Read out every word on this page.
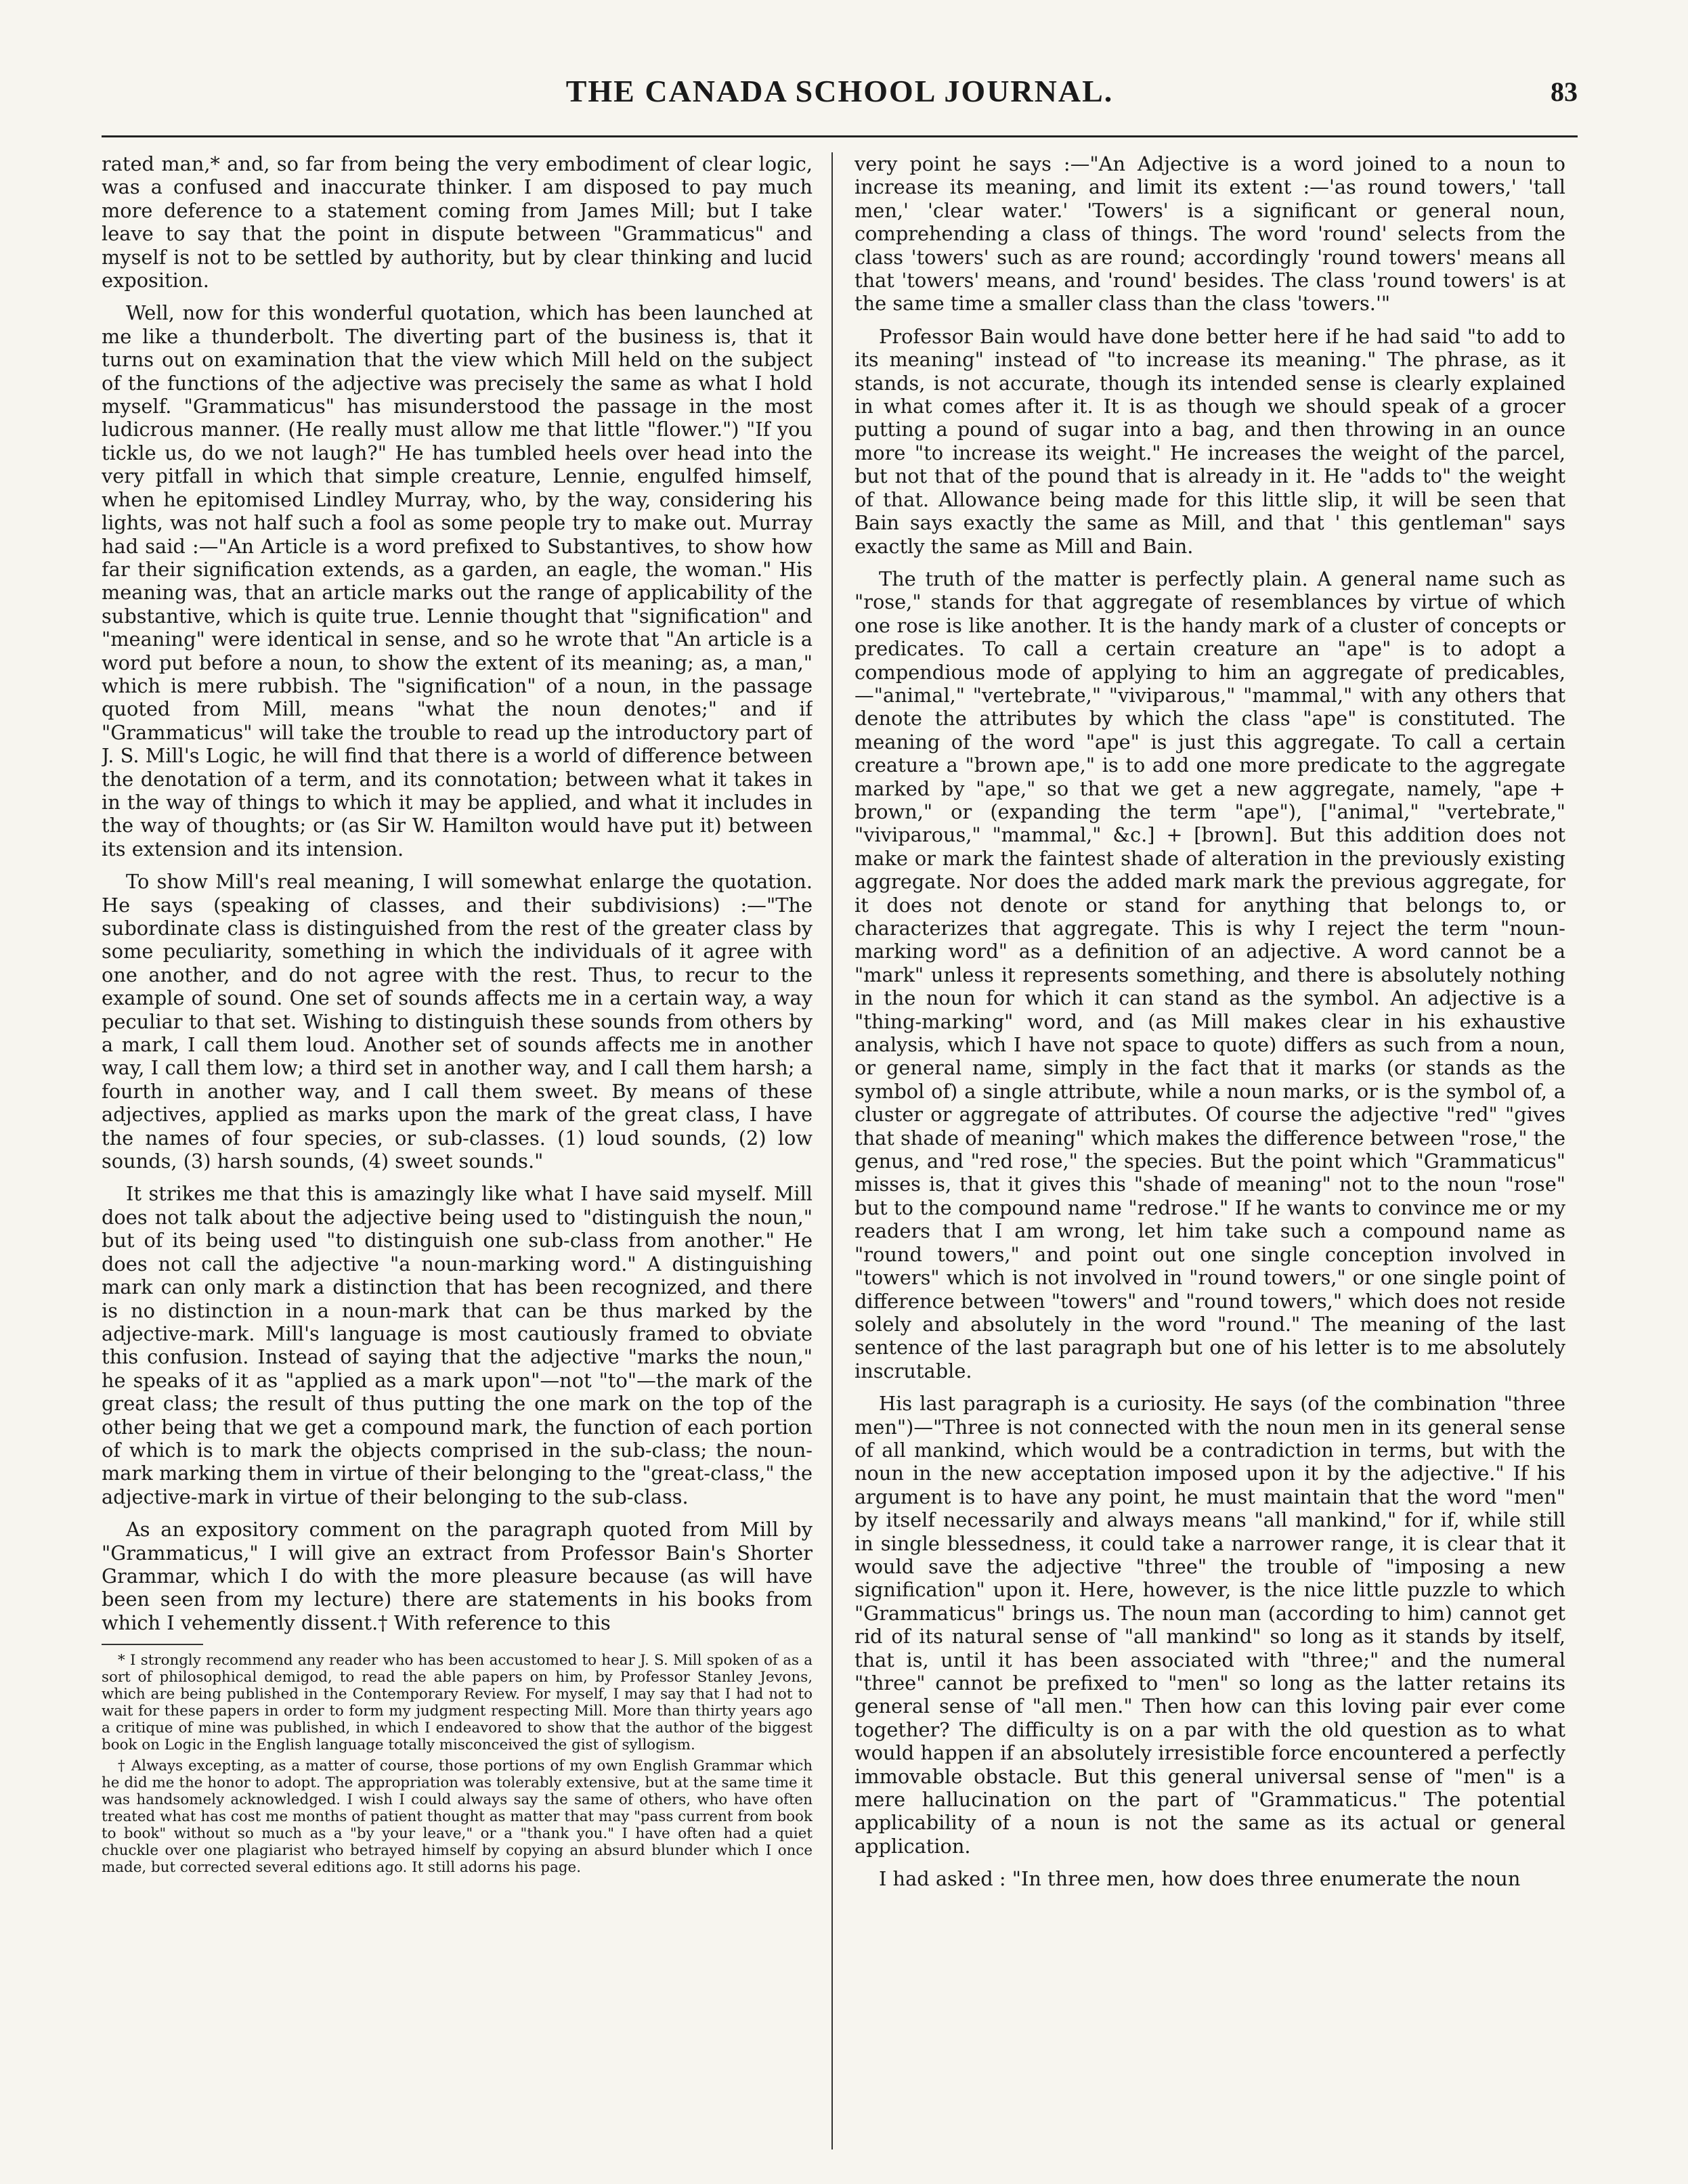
THE CANADA SCHOOL JOURNAL.	83

rated man,* and, so far from being the very embodiment of clear logic, was a confused and inaccurate thinker. I am disposed to pay much more deference to a statement coming from James Mill; but I take leave to say that the point in dispute between "Grammaticus" and myself is not to be settled by authority, but by clear thinking and lucid exposition.

Well, now for this wonderful quotation, which has been launched at me like a thunderbolt. The diverting part of the business is, that it turns out on examination that the view which Mill held on the subject of the functions of the adjective was precisely the same as what I hold myself. "Grammaticus" has misunderstood the passage in the most ludicrous manner. (He really must allow me that little "flower.") "If you tickle us, do we not laugh?" He has tumbled heels over head into the very pitfall in which that simple creature, Lennie, engulfed himself, when he epitomised Lindley Murray, who, by the way, considering his lights, was not half such a fool as some people try to make out. Murray had said :—"An Article is a word prefixed to Substantives, to show how far their signification extends, as a garden, an eagle, the woman." His meaning was, that an article marks out the range of applicability of the substantive, which is quite true. Lennie thought that "signification" and "meaning" were identical in sense, and so he wrote that "An article is a word put before a noun, to show the extent of its meaning; as, a man," which is mere rubbish. The "signification" of a noun, in the passage quoted from Mill, means "what the noun denotes;" and if "Grammaticus" will take the trouble to read up the introductory part of J. S. Mill's Logic, he will find that there is a world of difference between the denotation of a term, and its connotation; between what it takes in in the way of things to which it may be applied, and what it includes in the way of thoughts; or (as Sir W. Hamilton would have put it) between its extension and its intension.

To show Mill's real meaning, I will somewhat enlarge the quotation. He says (speaking of classes, and their subdivisions) :—"The subordinate class is distinguished from the rest of the greater class by some peculiarity, something in which the individuals of it agree with one another, and do not agree with the rest. Thus, to recur to the example of sound. One set of sounds affects me in a certain way, a way peculiar to that set. Wishing to distinguish these sounds from others by a mark, I call them loud. Another set of sounds affects me in another way, I call them low; a third set in another way, and I call them harsh; a fourth in another way, and I call them sweet. By means of these adjectives, applied as marks upon the mark of the great class, I have the names of four species, or sub-classes. (1) loud sounds, (2) low sounds, (3) harsh sounds, (4) sweet sounds."

It strikes me that this is amazingly like what I have said myself. Mill does not talk about the adjective being used to "distinguish the noun," but of its being used "to distinguish one sub-class from another." He does not call the adjective "a noun-marking word." A distinguishing mark can only mark a distinction that has been recognized, and there is no distinction in a noun-mark that can be thus marked by the adjective-mark. Mill's language is most cautiously framed to obviate this confusion. Instead of saying that the adjective "marks the noun," he speaks of it as "applied as a mark upon"—not "to"—the mark of the great class; the result of thus putting the one mark on the top of the other being that we get a compound mark, the function of each portion of which is to mark the objects comprised in the sub-class; the noun-mark marking them in virtue of their belonging to the "great-class," the adjective-mark in virtue of their belonging to the sub-class.

As an expository comment on the paragraph quoted from Mill by "Grammaticus," I will give an extract from Professor Bain's Shorter Grammar, which I do with the more pleasure because (as will have been seen from my lecture) there are statements in his books from which I vehemently dissent.† With reference to this

* I strongly recommend any reader who has been accustomed to hear J. S. Mill spoken of as a sort of philosophical demigod, to read the able papers on him, by Professor Stanley Jevons, which are being published in the Contemporary Review. For myself, I may say that I had not to wait for these papers in order to form my judgment respecting Mill. More than thirty years ago a critique of mine was published, in which I endeavored to show that the author of the biggest book on Logic in the English language totally misconceived the gist of syllogism.

† Always excepting, as a matter of course, those portions of my own English Grammar which he did me the honor to adopt. The appropriation was tolerably extensive, but at the same time it was handsomely acknowledged. I wish I could always say the same of others, who have often treated what has cost me months of patient thought as matter that may "pass current from book to book" without so much as a "by your leave," or a "thank you." I have often had a quiet chuckle over one plagiarist who betrayed himself by copying an absurd blunder which I once made, but corrected several editions ago. It still adorns his page.

very point he says :—"An Adjective is a word joined to a noun to increase its meaning, and limit its extent :—'as round towers,' 'tall men,' 'clear water.' 'Towers' is a significant or general noun, comprehending a class of things. The word 'round' selects from the class 'towers' such as are round; accordingly 'round towers' means all that 'towers' means, and 'round' besides. The class 'round towers' is at the same time a smaller class than the class 'towers.'"

Professor Bain would have done better here if he had said "to add to its meaning" instead of "to increase its meaning." The phrase, as it stands, is not accurate, though its intended sense is clearly explained in what comes after it. It is as though we should speak of a grocer putting a pound of sugar into a bag, and then throwing in an ounce more "to increase its weight." He increases the weight of the parcel, but not that of the pound that is already in it. He "adds to" the weight of that. Allowance being made for this little slip, it will be seen that Bain says exactly the same as Mill, and that ' this gentleman" says exactly the same as Mill and Bain.

The truth of the matter is perfectly plain. A general name such as "rose," stands for that aggregate of resemblances by virtue of which one rose is like another. It is the handy mark of a cluster of concepts or predicates. To call a certain creature an "ape" is to adopt a compendious mode of applying to him an aggregate of predicables,—"animal," "vertebrate," "viviparous," "mammal," with any others that denote the attributes by which the class "ape" is constituted. The meaning of the word "ape" is just this aggregate. To call a certain creature a "brown ape," is to add one more predicate to the aggregate marked by "ape," so that we get a new aggregate, namely, "ape + brown," or (expanding the term "ape"), ["animal," "vertebrate," "viviparous," "mammal," &c.] + [brown]. But this addition does not make or mark the faintest shade of alteration in the previously existing aggregate. Nor does the added mark mark the previous aggregate, for it does not denote or stand for anything that belongs to, or characterizes that aggregate. This is why I reject the term "noun-marking word" as a definition of an adjective. A word cannot be a "mark" unless it represents something, and there is absolutely nothing in the noun for which it can stand as the symbol. An adjective is a "thing-marking" word, and (as Mill makes clear in his exhaustive analysis, which I have not space to quote) differs as such from a noun, or general name, simply in the fact that it marks (or stands as the symbol of) a single attribute, while a noun marks, or is the symbol of, a cluster or aggregate of attributes. Of course the adjective "red" "gives that shade of meaning" which makes the difference between "rose," the genus, and "red rose," the species. But the point which "Grammaticus" misses is, that it gives this "shade of meaning" not to the noun "rose" but to the compound name "redrose." If he wants to convince me or my readers that I am wrong, let him take such a compound name as "round towers," and point out one single conception involved in "towers" which is not involved in "round towers," or one single point of difference between "towers" and "round towers," which does not reside solely and absolutely in the word "round." The meaning of the last sentence of the last paragraph but one of his letter is to me absolutely inscrutable.

His last paragraph is a curiosity. He says (of the combination "three men")—"Three is not connected with the noun men in its general sense of all mankind, which would be a contradiction in terms, but with the noun in the new acceptation imposed upon it by the adjective." If his argument is to have any point, he must maintain that the word "men" by itself necessarily and always means "all mankind," for if, while still in single blessedness, it could take a narrower range, it is clear that it would save the adjective "three" the trouble of "imposing a new signification" upon it. Here, however, is the nice little puzzle to which "Grammaticus" brings us. The noun man (according to him) cannot get rid of its natural sense of "all mankind" so long as it stands by itself, that is, until it has been associated with "three;" and the numeral "three" cannot be prefixed to "men" so long as the latter retains its general sense of "all men." Then how can this loving pair ever come together? The difficulty is on a par with the old question as to what would happen if an absolutely irresistible force encountered a perfectly immovable obstacle. But this general universal sense of "men" is a mere hallucination on the part of "Grammaticus." The potential applicability of a noun is not the same as its actual or general application.

I had asked : "In three men, how does three enumerate the noun
